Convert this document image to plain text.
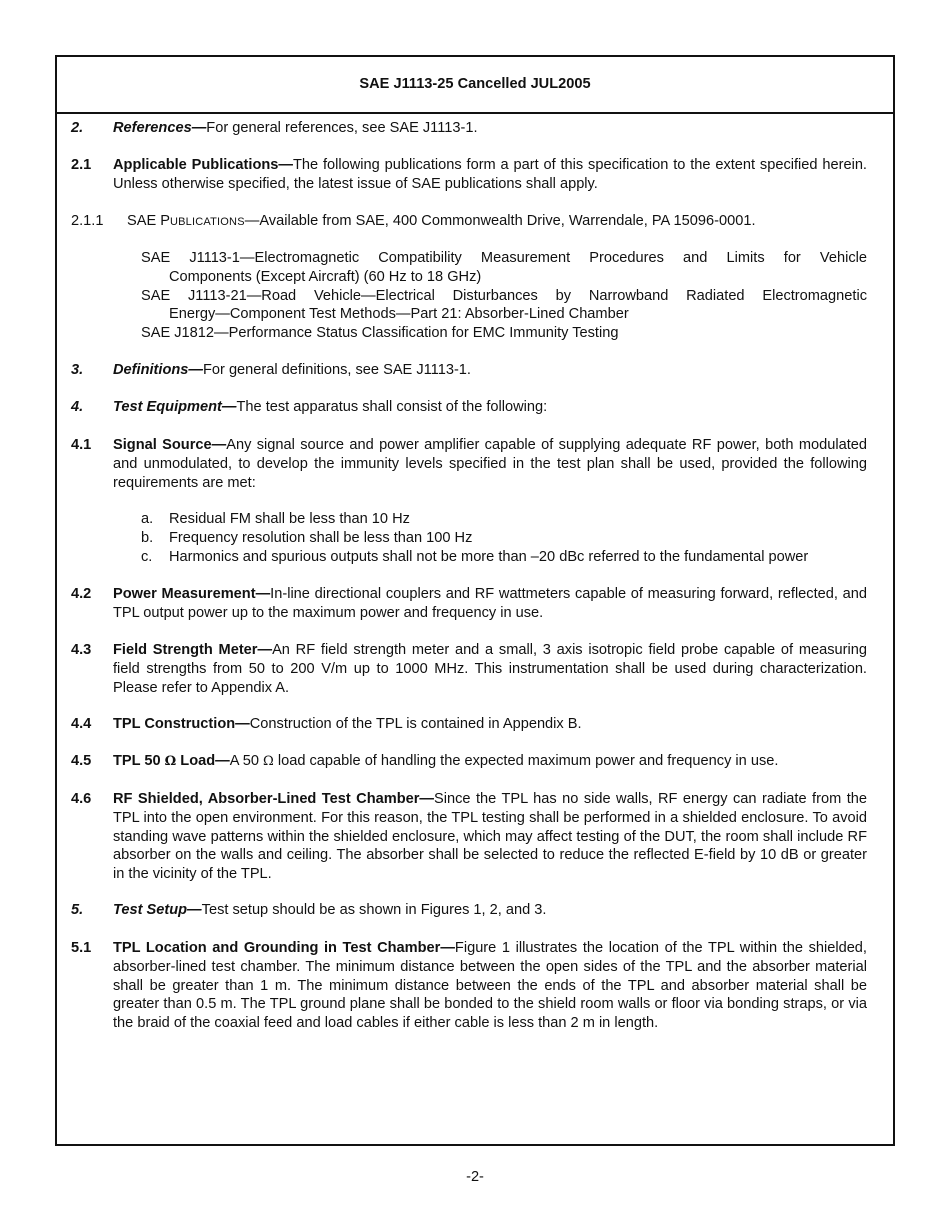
SAE J1113-25 Cancelled JUL2005
2. References—For general references, see SAE J1113-1.
2.1 Applicable Publications—The following publications form a part of this specification to the extent specified herein. Unless otherwise specified, the latest issue of SAE publications shall apply.
2.1.1 SAE PUBLICATIONS—Available from SAE, 400 Commonwealth Drive, Warrendale, PA 15096-0001.
SAE J1113-1—Electromagnetic Compatibility Measurement Procedures and Limits for Vehicle
Components (Except Aircraft) (60 Hz to 18 GHz)
SAE J1113-21—Road Vehicle—Electrical Disturbances by Narrowband Radiated Electromagnetic
Energy—Component Test Methods—Part 21: Absorber-Lined Chamber
SAE J1812—Performance Status Classification for EMC Immunity Testing
3. Definitions—For general definitions, see SAE J1113-1.
4. Test Equipment—The test apparatus shall consist of the following:
4.1 Signal Source—Any signal source and power amplifier capable of supplying adequate RF power, both modulated and unmodulated, to develop the immunity levels specified in the test plan shall be used, provided the following requirements are met:
a. Residual FM shall be less than 10 Hz
b. Frequency resolution shall be less than 100 Hz
c. Harmonics and spurious outputs shall not be more than –20 dBc referred to the fundamental power
4.2 Power Measurement—In-line directional couplers and RF wattmeters capable of measuring forward, reflected, and TPL output power up to the maximum power and frequency in use.
4.3 Field Strength Meter—An RF field strength meter and a small, 3 axis isotropic field probe capable of measuring field strengths from 50 to 200 V/m up to 1000 MHz. This instrumentation shall be used during characterization. Please refer to Appendix A.
4.4 TPL Construction—Construction of the TPL is contained in Appendix B.
4.5 TPL 50 Ω Load—A 50 Ω load capable of handling the expected maximum power and frequency in use.
4.6 RF Shielded, Absorber-Lined Test Chamber—Since the TPL has no side walls, RF energy can radiate from the TPL into the open environment. For this reason, the TPL testing shall be performed in a shielded enclosure. To avoid standing wave patterns within the shielded enclosure, which may affect testing of the DUT, the room shall include RF absorber on the walls and ceiling. The absorber shall be selected to reduce the reflected E-field by 10 dB or greater in the vicinity of the TPL.
5. Test Setup—Test setup should be as shown in Figures 1, 2, and 3.
5.1 TPL Location and Grounding in Test Chamber—Figure 1 illustrates the location of the TPL within the shielded, absorber-lined test chamber. The minimum distance between the open sides of the TPL and the absorber material shall be greater than 1 m. The minimum distance between the ends of the TPL and absorber material shall be greater than 0.5 m. The TPL ground plane shall be bonded to the shield room walls or floor via bonding straps, or via the braid of the coaxial feed and load cables if either cable is less than 2 m in length.
-2-
